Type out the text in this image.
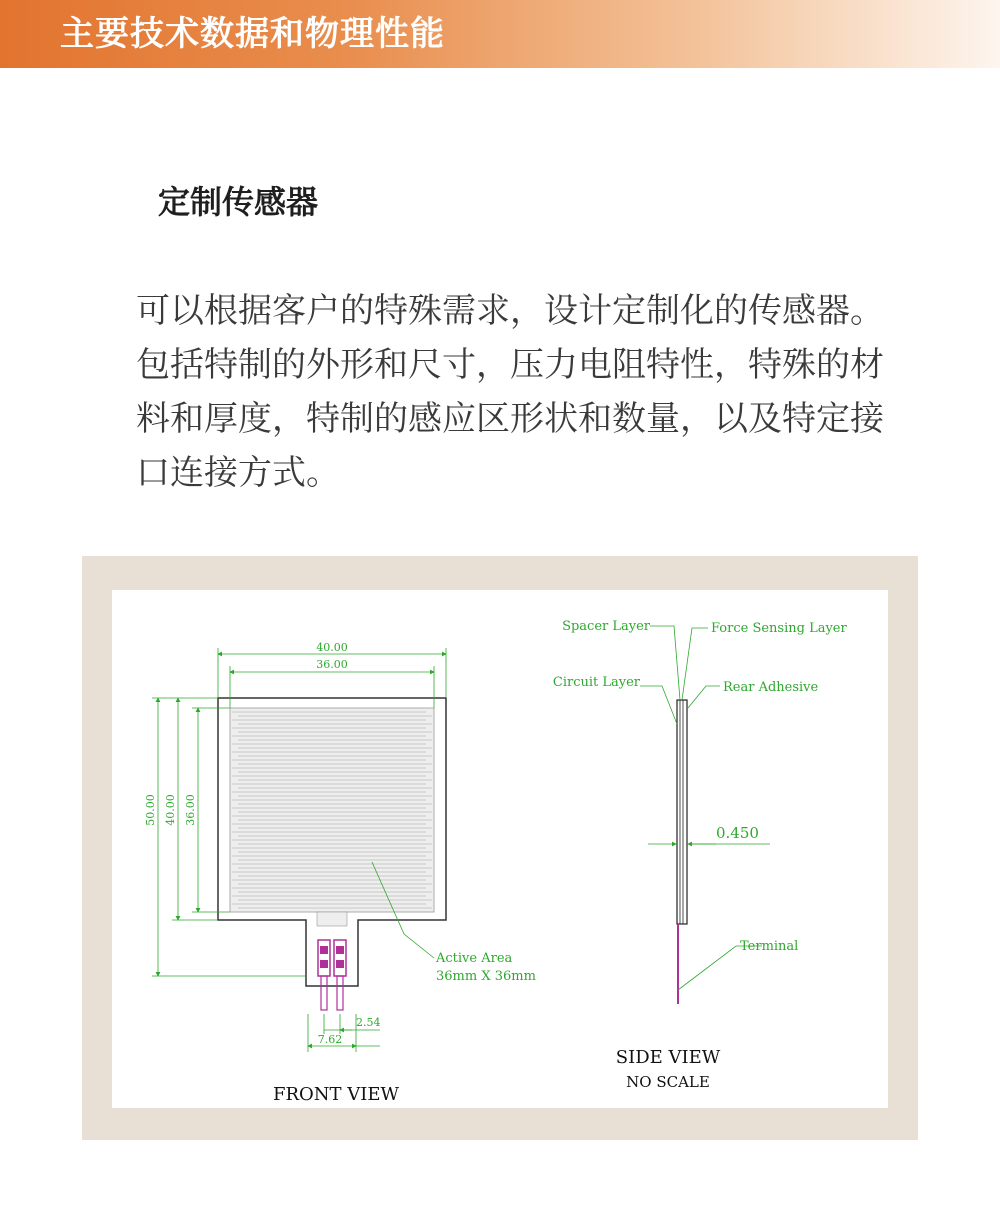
主要技术数据和物理性能
定制传感器

可以根据客户的特殊需求，设计定制化的传感器。包括特制的外形和尺寸，压力电阻特性，特殊的材料和厚度，特制的感应区形状和数量，以及特定接口连接方式。

40.00
36.00
50.00 40.00 36.00
2.54
7.62
Active Area
36mm X 36mm
FRONT VIEW
Spacer Layer	Force Sensing Layer
Circuit Layer	Rear Adhesive
0.450
Terminal
SIDE VIEW
NO SCALE
